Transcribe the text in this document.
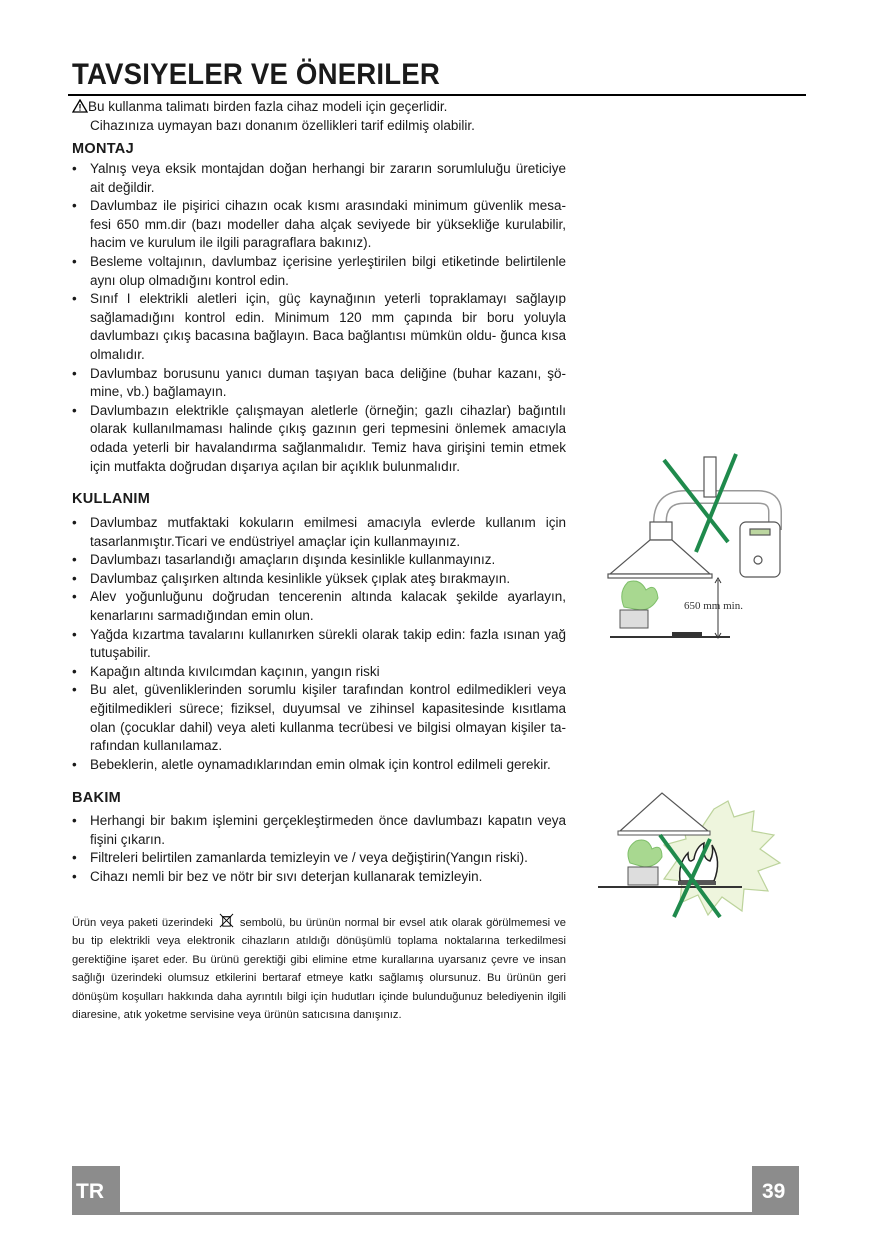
TAVSIYELER VE ÖNERILER
Bu kullanma talimatı birden fazla cihaz modeli için geçerlidir.
Cihazınıza uymayan bazı donanım özellikleri tarif edilmiş olabilir.
MONTAJ
• Yalnış veya eksik montajdan doğan herhangi bir zararın sorumluluğu üreticiye ait değildir.
• Davlumbaz ile pişirici cihazın ocak kısmı arasındaki minimum güvenlik mesa-fesi 650 mm.dir (bazı modeller daha alçak seviyede bir yüksekliğe kurulabilir, hacim ve kurulum ile ilgili paragraflara bakınız).
• Besleme voltajının, davlumbaz içerisine yerleştirilen bilgi etiketinde belirtilenle aynı olup olmadığını kontrol edin.
• Sınıf I elektrikli aletleri için, güç kaynağının yeterli topraklamayı sağlayıp sağlamadığını kontrol edin. Minimum 120 mm çapında bir boru yoluyla davlumbazı çıkış bacasına bağlayın. Baca bağlantısı mümkün oldu- ğunca kısa olmalıdır.
• Davlumbaz borusunu yanıcı duman taşıyan baca deliğine (buhar kazanı, şö-mine, vb.) bağlamayın.
• Davlumbazın elektrikle çalışmayan aletlerle (örneğin; gazlı cihazlar) bağıntılı olarak kullanılmaması halinde çıkış gazının geri tepmesini önlemek amacıyla odada yeterli bir havalandırma sağlanmalıdır. Temiz hava girişini temin etmek için mutfakta doğrudan dışarıya açılan bir açıklık bulunmalıdır.
KULLANIM
• Davlumbaz mutfaktaki kokuların emilmesi amacıyla evlerde kullanım için tasarlanmıştır.Ticari ve endüstriyel amaçlar için kullanmayınız.
• Davlumbazı tasarlandığı amaçların dışında kesinlikle kullanmayınız.
• Davlumbaz çalışırken altında kesinlikle yüksek çıplak ateş bırakmayın.
• Alev yoğunluğunu doğrudan tencerenin altında kalacak şekilde ayarlayın, kenarlarını sarmadığından emin olun.
• Yağda kızartma tavalarını kullanırken sürekli olarak takip edin: fazla ısınan yağ tutuşabilir.
• Kapağın altında kıvılcımdan kaçının, yangın riski
• Bu alet, güvenliklerinden sorumlu kişiler tarafından kontrol edilmedikleri veya eğitilmedikleri sürece; fiziksel, duyumsal ve zihinsel kapasitesinde kısıtlama olan (çocuklar dahil) veya aleti kullanma tecrübesi ve bilgisi olmayan kişiler ta-rafından kullanılamaz.
• Bebeklerin, aletle oynamadıklarından emin olmak için kontrol edilmeli gerekir.
BAKIM
• Herhangi bir bakım işlemini gerçekleştirmeden önce davlumbazı kapatın veya fişini çıkarın.
• Filtreleri belirtilen zamanlarda temizleyin ve / veya değiştirin(Yangın riski).
• Cihazı nemli bir bez ve nötr bir sıvı deterjan kullanarak temizleyin.
Ürün veya paketi üzerindeki sembolü, bu ürünün normal bir evsel atık olarak görülmemesi ve bu tip elektrikli veya elektronik cihazların atıldığı dönüşümlü toplama noktalarına terkedilmesi gerektiğine işaret eder. Bu ürünü gerektiği gibi elimine etme kurallarına uyarsanız çevre ve insan sağlığı üzerindeki olumsuz etkilerini bertaraf etmeye katkı sağlamış olursunuz. Bu ürünün geri dönüşüm koşulları hakkında daha ayrıntılı bilgi için hudutları içinde bulunduğunuz belediyenin ilgili diaresine, atık yoketme servisine veya ürünün satıcısına danışınız.
650 mm min.
TR	39
